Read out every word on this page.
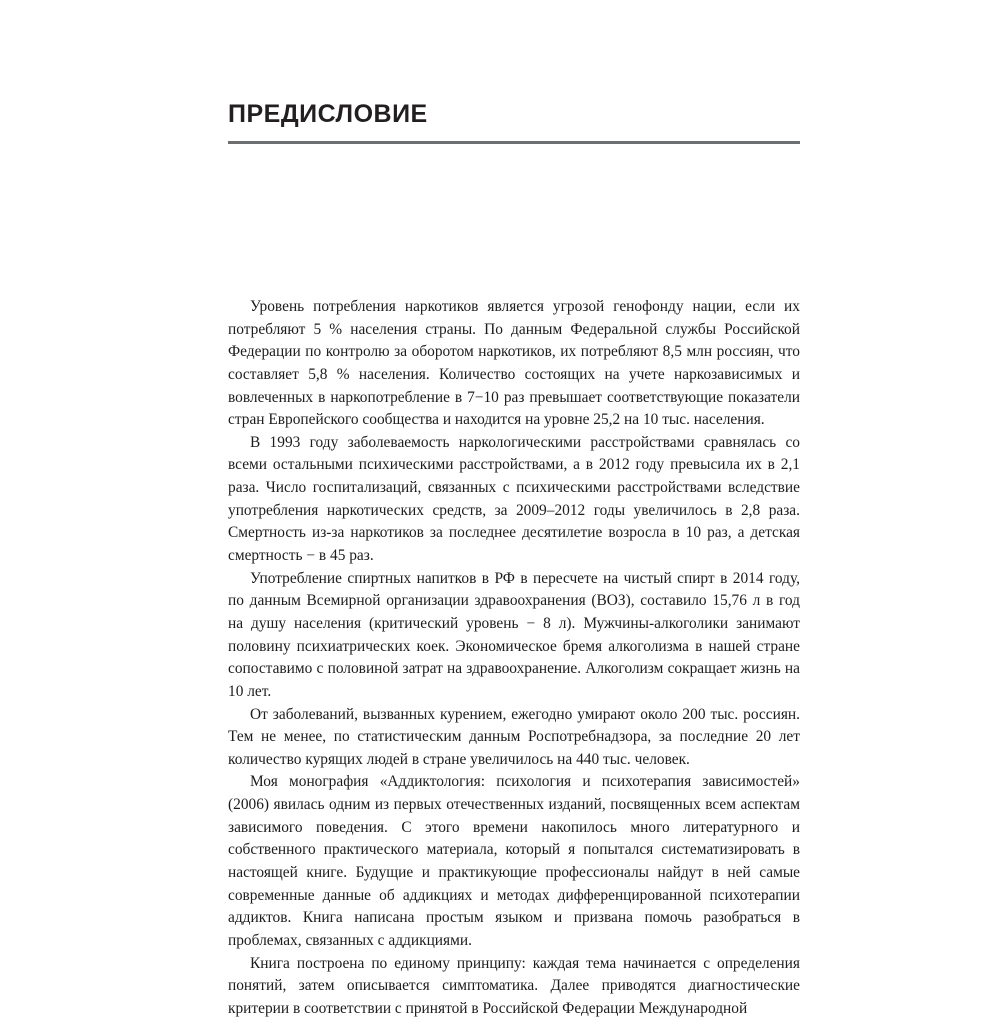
ПРЕДИСЛОВИЕ

Уровень потребления наркотиков является угрозой генофонду нации, если их потребляют 5 % населения страны. По данным Федеральной службы Российской Федерации по контролю за оборотом наркотиков, их потребляют 8,5 млн россиян, что составляет 5,8 % населения. Количество состоящих на учете наркозависимых и вовлеченных в наркопотребление в 7−10 раз превышает соответствующие показатели стран Европейского сообщества и находится на уровне 25,2 на 10 тыс. населения.

В 1993 году заболеваемость наркологическими расстройствами сравнялась со всеми остальными психическими расстройствами, а в 2012 году превысила их в 2,1 раза. Число госпитализаций, связанных с психическими расстройствами вследствие употребления наркотических средств, за 2009–2012 годы увеличилось в 2,8 раза. Смертность из-за наркотиков за последнее десятилетие возросла в 10 раз, а детская смертность − в 45 раз.

Употребление спиртных напитков в РФ в пересчете на чистый спирт в 2014 году, по данным Всемирной организации здравоохранения (ВОЗ), составило 15,76 л в год на душу населения (критический уровень − 8 л). Мужчины-алкоголики занимают половину психиатрических коек. Экономическое бремя алкоголизма в нашей стране сопоставимо с половиной затрат на здравоохранение. Алкоголизм сокращает жизнь на 10 лет.

От заболеваний, вызванных курением, ежегодно умирают около 200 тыс. россиян. Тем не менее, по статистическим данным Роспотребнадзора, за последние 20 лет количество курящих людей в стране увеличилось на 440 тыс. человек.

Моя монография «Аддиктология: психология и психотерапия зависимостей» (2006) явилась одним из первых отечественных изданий, посвященных всем аспектам зависимого поведения. С этого времени накопилось много литературного и собственного практического материала, который я попытался систематизировать в настоящей книге. Будущие и практикующие профессионалы найдут в ней самые современные данные об аддикциях и методах дифференцированной психотерапии аддиктов. Книга написана простым языком и призвана помочь разобраться в проблемах, связанных с аддикциями.

Книга построена по единому принципу: каждая тема начинается с определения понятий, затем описывается симптоматика. Далее приводятся диагностические критерии в соответствии с принятой в Российской Федерации Международной
